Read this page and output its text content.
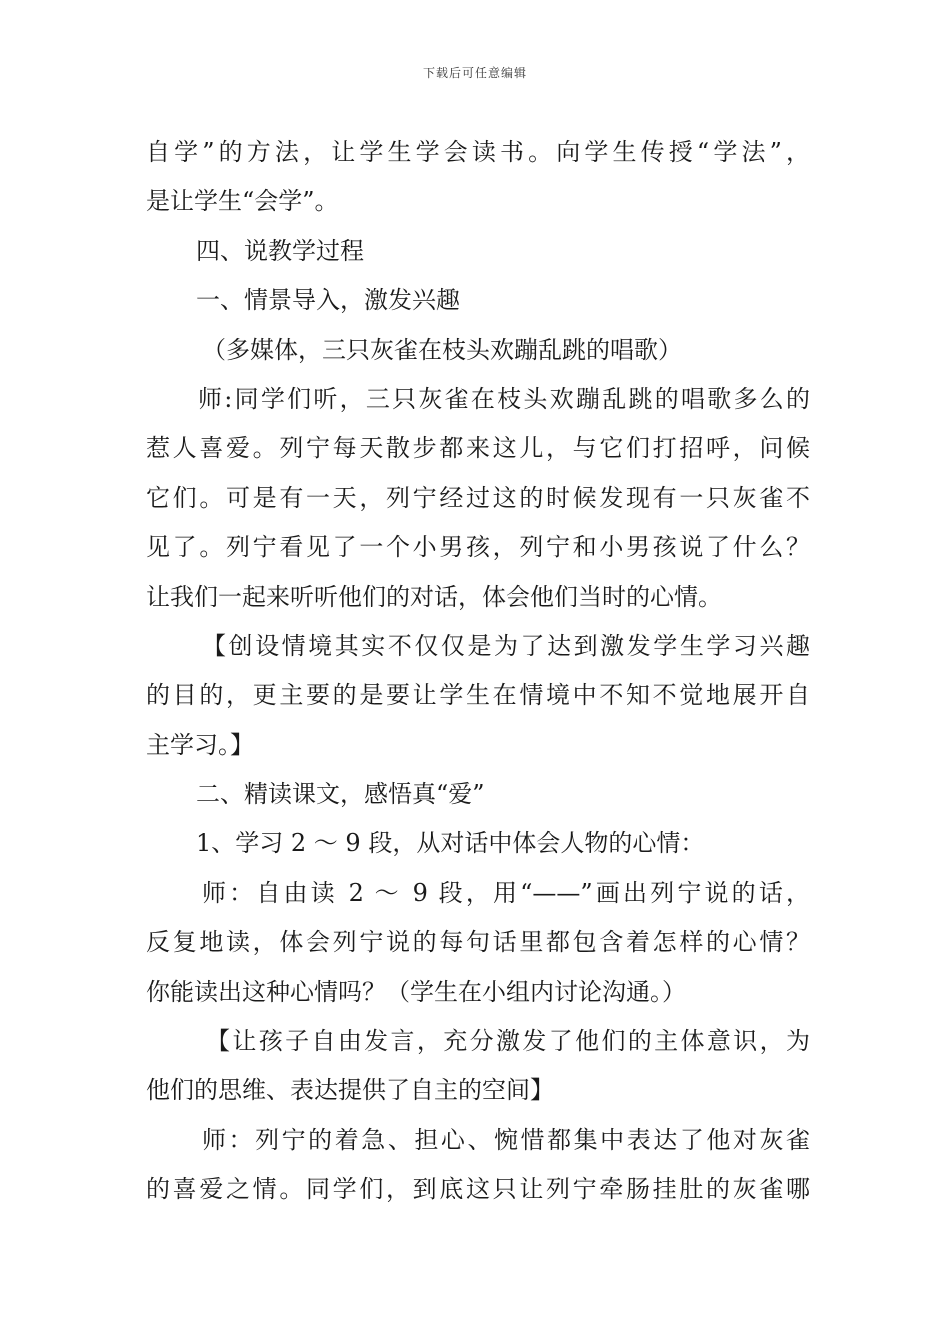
下载后可任意编辑
自学”的方法，让学生学会读书。向学生传授“学法”，
是让学生“会学”。
四、说教学过程
一、情景导入，激发兴趣
（多媒体，三只灰雀在枝头欢蹦乱跳的唱歌）
师:同学们听，三只灰雀在枝头欢蹦乱跳的唱歌多么的
惹人喜爱。列宁每天散步都来这儿，与它们打招呼，问候
它们。可是有一天，列宁经过这的时候发现有一只灰雀不
见了。列宁看见了一个小男孩，列宁和小男孩说了什么？
让我们一起来听听他们的对话，体会他们当时的心情。
【创设情境其实不仅仅是为了达到激发学生学习兴趣
的目的，更主要的是要让学生在情境中不知不觉地展开自
主学习。】
二、精读课文，感悟真“爱”
1、学习 2 ～ 9 段，从对话中体会人物的心情：
师：自由读 2 ～ 9 段，用“——”画出列宁说的话，
反复地读，体会列宁说的每句话里都包含着怎样的心情？
你能读出这种心情吗？（学生在小组内讨论沟通。）
【让孩子自由发言，充分激发了他们的主体意识，为
他们的思维、表达提供了自主的空间】
师：列宁的着急、担心、惋惜都集中表达了他对灰雀
的喜爱之情。同学们，到底这只让列宁牵肠挂肚的灰雀哪
